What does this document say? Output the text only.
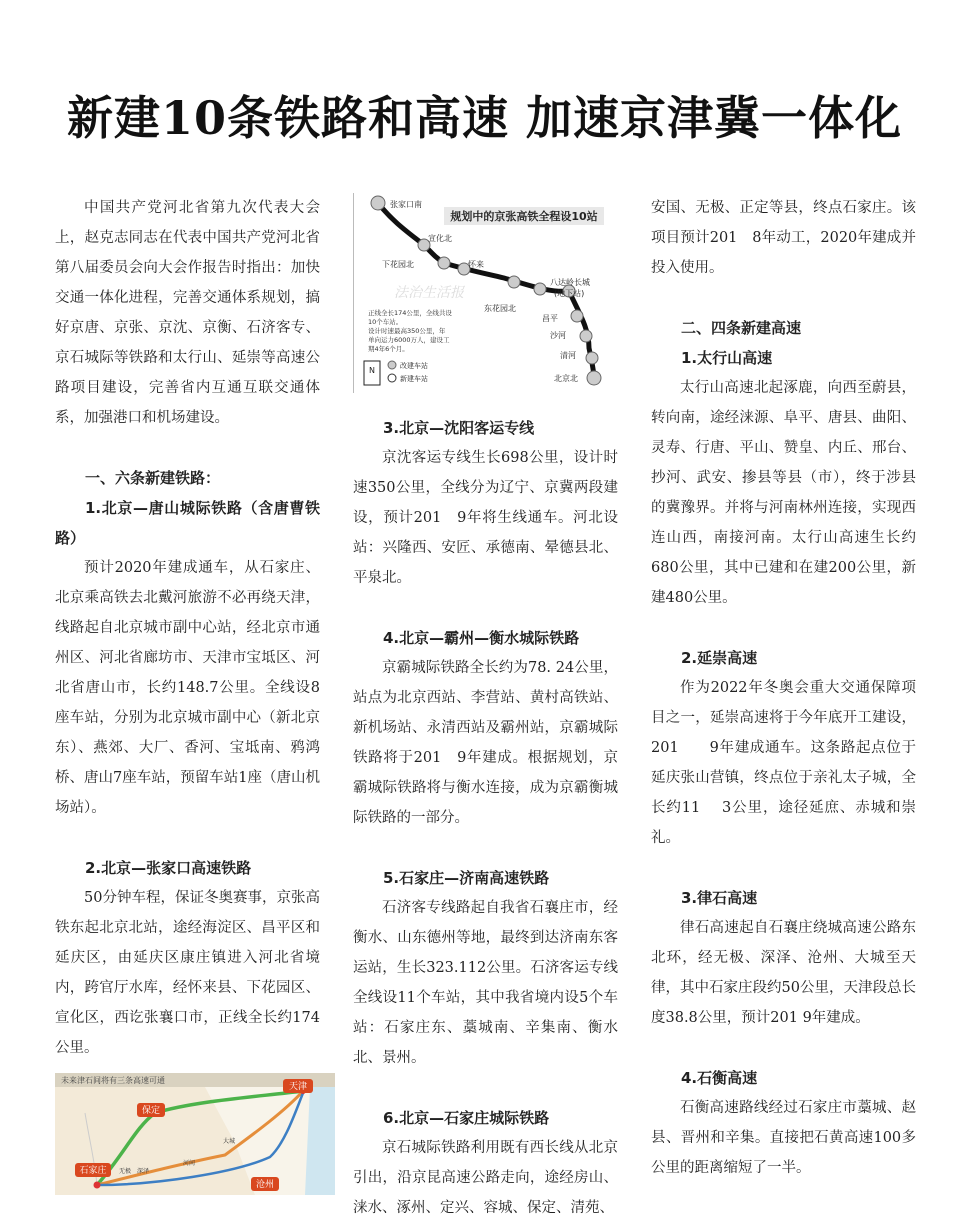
新建10条铁路和高速 加速京津冀一体化

中国共产党河北省第九次代表大会上，赵克志同志在代表中国共产党河北省第八届委员会向大会作报告时指出：加快交通一体化进程，完善交通体系规划，搞好京唐、京张、京沈、京衡、石济客专、京石城际等铁路和太行山、延崇等高速公路项目建设，完善省内互通互联交通体系，加强港口和机场建设。

一、六条新建铁路：

1.北京—唐山城际铁路（含唐曹铁路）

预计2020年建成通车，从石家庄、北京乘高铁去北戴河旅游不必再绕天津，线路起自北京城市副中心站，经北京市通州区、河北省廊坊市、天津市宝坻区、河北省唐山市，长约148.7公里。全线设8座车站，分别为北京城市副中心（新北京东）、燕郊、大厂、香河、宝坻南、鸦鸿桥、唐山7座车站，预留车站1座（唐山机场站）。

2.北京—张家口高速铁路

50分钟车程，保证冬奥赛事，京张高铁东起北京北站，途经海淀区、昌平区和延庆区，由延庆区康庄镇进入河北省境内，跨官厅水库，经怀来县、下花园区、宣化区，西讫张襄口市，正线全长约174公里。

未来津石间将有三条高速可通
天津
保定
石家庄
沧州
无极 深泽
河间
大城
规划中的京张高铁全程设10站
张家口南
宣化北
下花园北	怀来
东花园北
八达岭长城
(地下站)
昌平
沙河
清河
北京北
正线全长174公里，全线共设
10个车站。
设计时速最高350公里，年
单向运力6000万人，建设工
期4年6个月。
法治生活报
N	改建车站
新建车站

3.北京—沈阳客运专线

京沈客运专线生长698公里，设计时速350公里，全线分为辽宁、京冀两段建设，预计201　9年将生线通车。河北设站：兴隆西、安匠、承德南、晕德县北、平泉北。

4.北京—霸州—衡水城际铁路

京霸城际铁路全长约为78. 24公里，站点为北京西站、李营站、黄村高铁站、新机场站、永清西站及霸州站，京霸城际铁路将于201　9年建成。根据规划，京霸城际铁路将与衡水连接，成为京霸衡城际铁路的一部分。

5.石家庄—济南高速铁路

石济客专线路起自我省石襄庄市，经衡水、山东德州等地，最终到达济南东客运站，生长323.112公里。石济客运专线全线设11个车站，其中我省境内设5个车站：石家庄东、藁城南、辛集南、衡水北、景州。

6.北京—石家庄城际铁路

京石城际铁路利用既有西长线从北京引出，沿京昆高速公路走向，途经房山、涞水、涿州、定兴、容城、保定、清苑、

安国、无极、正定等县，终点石家庄。该项目预计201　8年动工，2020年建成并投入使用。

二、四条新建高速

1.太行山高速

太行山高速北起涿鹿，向西至蔚县，转向南，途经涞源、阜平、唐县、曲阳、灵寿、行唐、平山、赞皇、内丘、邢台、抄河、武安、掺县等县（市），终于涉县的冀豫界。并将与河南林州连接，实现西连山西，南接河南。太行山高速生长约680公里，其中已建和在建200公里，新建480公里。

2.延崇高速

作为2022年冬奥会重大交通保障项目之一，延崇高速将于今年底开工建设，201　　9年建成通车。这条路起点位于延庆张山营镇，终点位于亲礼太子城，全长约11　 3公里，途径延庶、赤城和崇礼。

3.律石高速

律石高速起自石襄庄绕城高速公路东北环，经无极、深泽、沧州、大城至天律，其中石家庄段约50公里，天津段总长度38.8公里，预计201 9年建成。

4.石衡高速

石衡高速路线经过石家庄市藁城、赵县、晋州和辛集。直接把石黄高速100多公里的距离缩短了一半。
